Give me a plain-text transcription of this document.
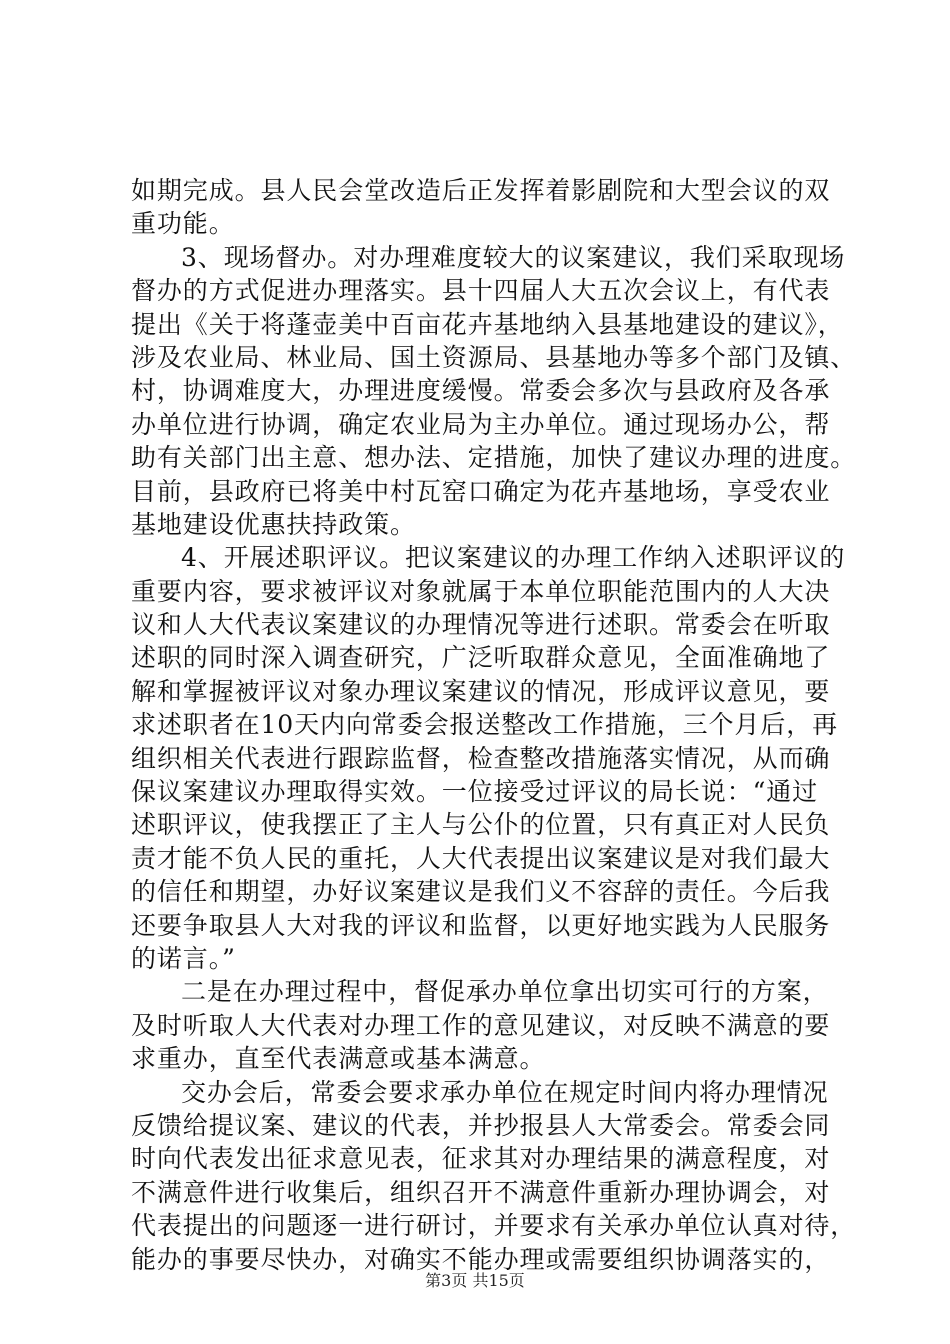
如期完成。县人民会堂改造后正发挥着影剧院和大型会议的双
重功能。
3、现场督办。对办理难度较大的议案建议，我们采取现场
督办的方式促进办理落实。县十四届人大五次会议上，有代表
提出《关于将蓬壶美中百亩花卉基地纳入县基地建设的建议》，
涉及农业局、林业局、国土资源局、县基地办等多个部门及镇、
村，协调难度大，办理进度缓慢。常委会多次与县政府及各承
办单位进行协调，确定农业局为主办单位。通过现场办公，帮
助有关部门出主意、想办法、定措施，加快了建议办理的进度。
目前，县政府已将美中村瓦窑口确定为花卉基地场，享受农业
基地建设优惠扶持政策。
4、开展述职评议。把议案建议的办理工作纳入述职评议的
重要内容，要求被评议对象就属于本单位职能范围内的人大决
议和人大代表议案建议的办理情况等进行述职。常委会在听取
述职的同时深入调查研究，广泛听取群众意见，全面准确地了
解和掌握被评议对象办理议案建议的情况，形成评议意见，要
求述职者在10天内向常委会报送整改工作措施，三个月后，再
组织相关代表进行跟踪监督，检查整改措施落实情况，从而确
保议案建议办理取得实效。一位接受过评议的局长说：“通过
述职评议，使我摆正了主人与公仆的位置，只有真正对人民负
责才能不负人民的重托，人大代表提出议案建议是对我们最大
的信任和期望，办好议案建议是我们义不容辞的责任。今后我
还要争取县人大对我的评议和监督，以更好地实践为人民服务
的诺言。”
二是在办理过程中，督促承办单位拿出切实可行的方案，
及时听取人大代表对办理工作的意见建议，对反映不满意的要
求重办，直至代表满意或基本满意。
交办会后，常委会要求承办单位在规定时间内将办理情况
反馈给提议案、建议的代表，并抄报县人大常委会。常委会同
时向代表发出征求意见表，征求其对办理结果的满意程度，对
不满意件进行收集后，组织召开不满意件重新办理协调会，对
代表提出的问题逐一进行研讨，并要求有关承办单位认真对待，
能办的事要尽快办，对确实不能办理或需要组织协调落实的，
第3页 共15页
